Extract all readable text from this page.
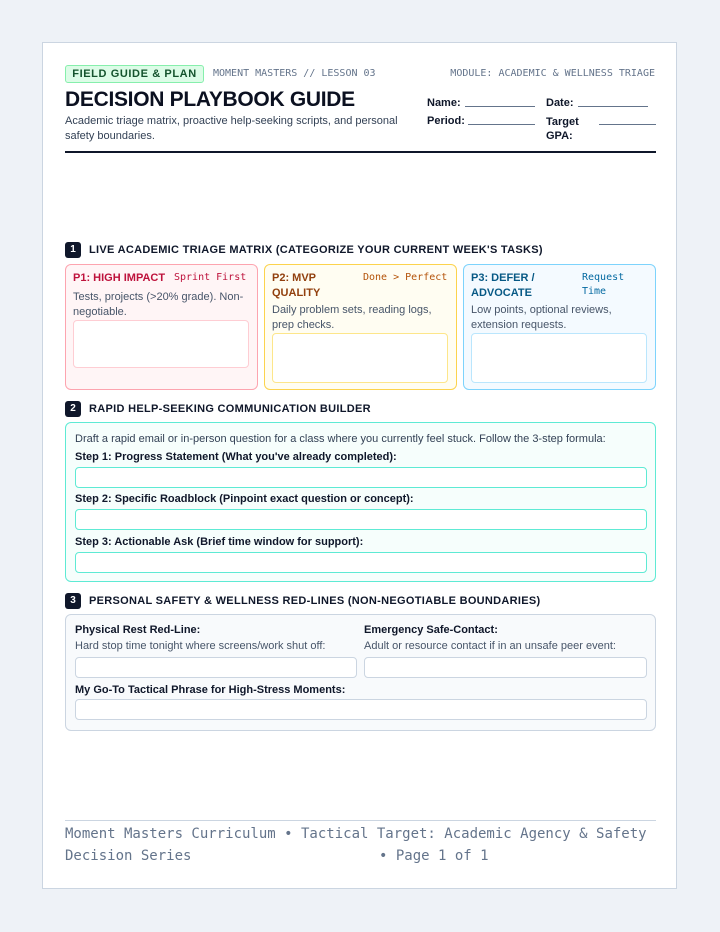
FIELD GUIDE & PLAN	MOMENT MASTERS // LESSON 03	MODULE: ACADEMIC & WELLNESS TRIAGE
DECISION PLAYBOOK GUIDE
Academic triage matrix, proactive help-seeking scripts, and personal safety boundaries.
Name:	Date:
Period:	Target GPA:
1	LIVE ACADEMIC TRIAGE MATRIX (CATEGORIZE YOUR CURRENT WEEK'S TASKS)
P1: HIGH IMPACT Sprint First
Tests, projects (>20% grade). Non-negotiable.
P2: MVP QUALITY
Done > Perfect
Daily problem sets, reading logs, prep checks.
P3: DEFER / ADVOCATE
Request Time
Low points, optional reviews, extension requests.
2	RAPID HELP-SEEKING COMMUNICATION BUILDER
Draft a rapid email or in-person question for a class where you currently feel stuck. Follow the 3-step formula:
Step 1: Progress Statement (What you've already completed):
Step 2: Specific Roadblock (Pinpoint exact question or concept):
Step 3: Actionable Ask (Brief time window for support):
3	PERSONAL SAFETY & WELLNESS RED-LINES (NON-NEGOTIABLE BOUNDARIES)
Physical Rest Red-Line:
Hard stop time tonight where screens/work shut off:
Emergency Safe-Contact:
Adult or resource contact if in an unsafe peer event:
My Go-To Tactical Phrase for High-Stress Moments:
Moment Masters Curriculum • Tactical Target: Academic Agency & Safety
Decision Series	• Page 1 of 1
